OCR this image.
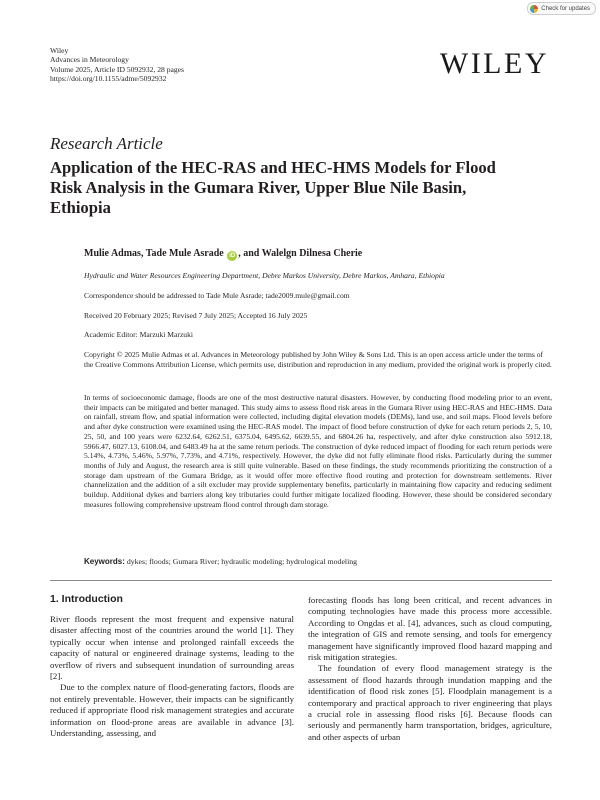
Check for updates
Wiley
Advances in Meteorology
Volume 2025, Article ID 5092932, 28 pages
https://doi.org/10.1155/adme/5092932	WILEY
Research Article
Application of the HEC-RAS and HEC-HMS Models for Flood Risk Analysis in the Gumara River, Upper Blue Nile Basin, Ethiopia
Mulie Admas, Tade Mule Asrade iD , and Walelgn Dilnesa Cherie
Hydraulic and Water Resources Engineering Department, Debre Markos University, Debre Markos, Amhara, Ethiopia
Correspondence should be addressed to Tade Mule Asrade; tade2009.mule@gmail.com
Received 20 February 2025; Revised 7 July 2025; Accepted 16 July 2025
Academic Editor: Marzuki Marzuki
Copyright © 2025 Mulie Admas et al. Advances in Meteorology published by John Wiley & Sons Ltd. This is an open access article under the terms of the Creative Commons Attribution License, which permits use, distribution and reproduction in any medium, provided the original work is properly cited.

In terms of socioeconomic damage, floods are one of the most destructive natural disasters. However, by conducting flood modeling prior to an event, their impacts can be mitigated and better managed. This study aims to assess flood risk areas in the Gumara River using HEC-RAS and HEC-HMS. Data on rainfall, stream flow, and spatial information were collected, including digital elevation models (DEMs), land use, and soil maps. Flood levels before and after dyke construction were examined using the HEC-RAS model. The impact of flood before construction of dyke for each return periods 2, 5, 10, 25, 50, and 100 years were 6232.64, 6262.51, 6375.04, 6495.62, 6639.55, and 6804.26 ha, respectively, and after dyke construction also 5912.18, 5966.47, 6027.13, 6108.04, and 6483.49 ha at the same return periods. The construction of dyke reduced impact of flooding for each return periods were 5.14%, 4.73%, 5.46%, 5.97%, 7.73%, and 4.71%, respectively. However, the dyke did not fully eliminate flood risks. Particularly during the summer months of July and August, the research area is still quite vulnerable. Based on these findings, the study recommends prioritizing the construction of a storage dam upstream of the Gumara Bridge, as it would offer more effective flood routing and protection for downstream settlements. River channelization and the addition of a silt excluder may provide supplementary benefits, particularly in maintaining flow capacity and reducing sediment buildup. Additional dykes and barriers along key tributaries could further mitigate localized flooding. However, these should be considered secondary measures following comprehensive upstream flood control through dam storage.

Keywords: dykes; floods; Gumara River; hydraulic modeling; hydrological modeling
1. Introduction

River floods represent the most frequent and expensive natural disaster affecting most of the countries around the world [1]. They typically occur when intense and prolonged rainfall exceeds the capacity of natural or engineered drainage systems, leading to the overflow of rivers and subsequent inundation of surrounding areas [2].

Due to the complex nature of flood-generating factors, floods are not entirely preventable. However, their impacts can be significantly reduced if appropriate flood risk management strategies and accurate information on flood-prone areas are available in advance [3]. Understanding, assessing, and

forecasting floods has long been critical, and recent advances in computing technologies have made this process more accessible. According to Ongdas et al. [4], advances, such as cloud computing, the integration of GIS and remote sensing, and tools for emergency management have significantly improved flood hazard mapping and risk mitigation strategies.

The foundation of every flood management strategy is the assessment of flood hazards through inundation mapping and the identification of flood risk zones [5]. Floodplain management is a contemporary and practical approach to river engineering that plays a crucial role in assessing flood risks [6]. Because floods can seriously and permanently harm transportation, bridges, agriculture, and other aspects of urban
